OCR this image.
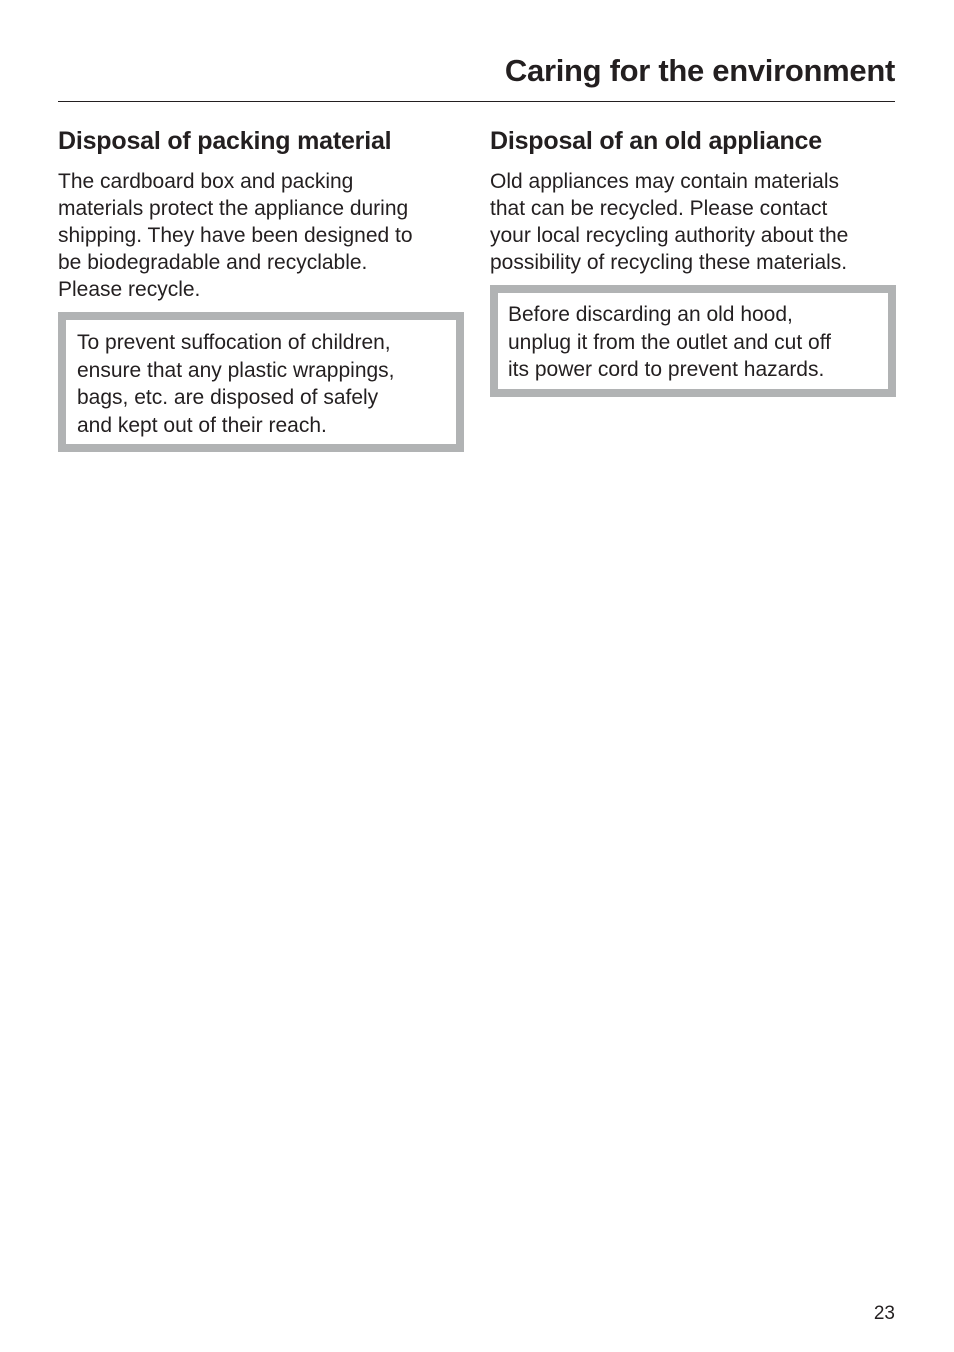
Caring for the environment
Disposal of packing material

The cardboard box and packing
materials protect the appliance during
shipping. They have been designed to
be biodegradable and recyclable.
Please recycle.

To prevent suffocation of children,
ensure that any plastic wrappings,
bags, etc. are disposed of safely
and kept out of their reach.

Disposal of an old appliance

Old appliances may contain materials
that can be recycled. Please contact
your local recycling authority about the
possibility of recycling these materials.

Before discarding an old hood,
unplug it from the outlet and cut off
its power cord to prevent hazards.

23
